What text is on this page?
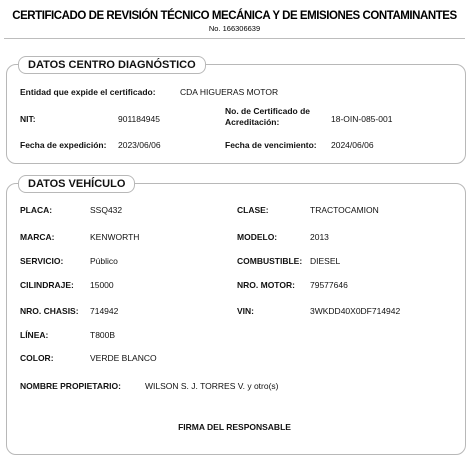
CERTIFICADO DE REVISIÓN TÉCNICO MECÁNICA Y DE EMISIONES CONTAMINANTES
No. 166306639
DATOS CENTRO DIAGNÓSTICO
Entidad que expide el certificado:	CDA HIGUERAS MOTOR
NIT:	901184945
No. de Certificado de Acreditación:	18-OIN-085-001
Fecha de expedición: 2023/06/06	Fecha de vencimiento: 2024/06/06
DATOS VEHÍCULO
PLACA:	SSQ432	CLASE:	TRACTOCAMION
MARCA:	KENWORTH	MODELO:	2013
SERVICIO:	Público	COMBUSTIBLE: DIESEL
CILINDRAJE: 15000	NRO. MOTOR: 79577646
NRO. CHASIS: 714942	VIN:	3WKDD40X0DF714942
LÍNEA:	T800B
COLOR:	VERDE BLANCO
NOMBRE PROPIETARIO:	WILSON S. J. TORRES V. y otro(s)
FIRMA DEL RESPONSABLE
